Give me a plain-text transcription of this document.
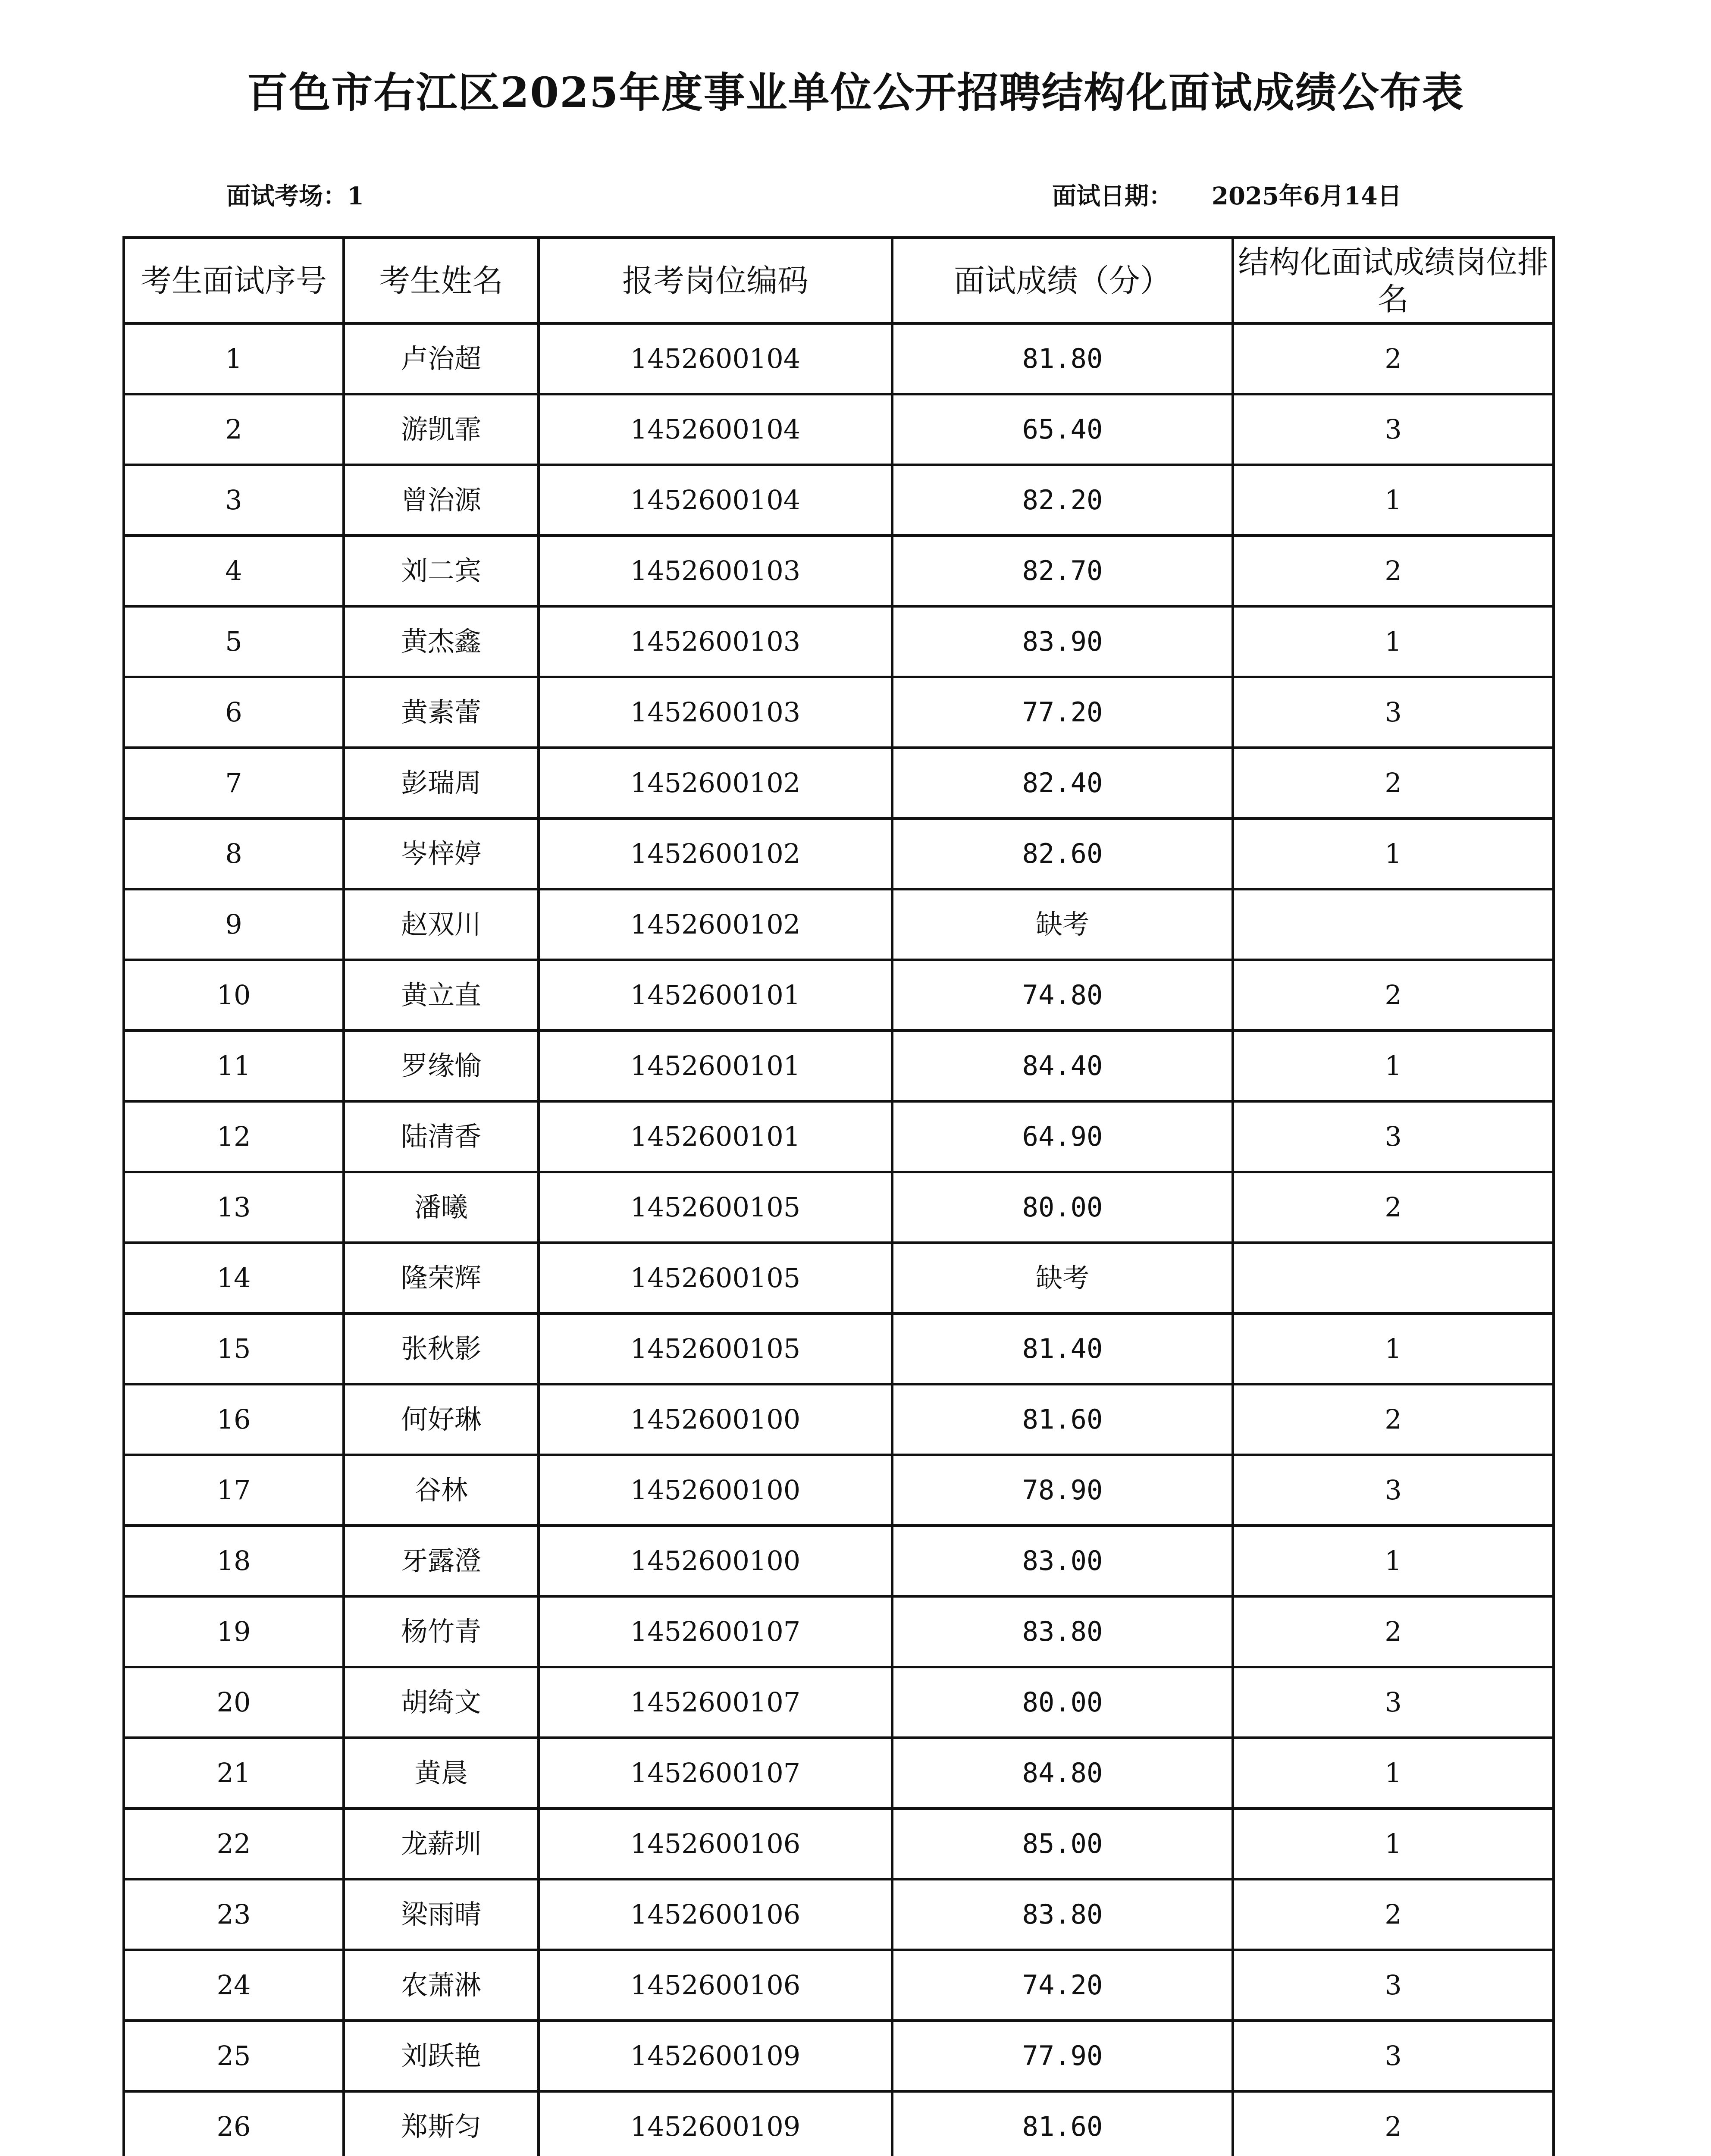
百色市右江区2025年度事业单位公开招聘结构化面试成绩公布表
面试考场：1	面试日期： 2025年6月14日
考生面试序号	考生姓名	报考岗位编码	面试成绩（分）	结构化面试成绩岗位排名
1	卢治超	1452600104	81.80	2
2	游凯霏	1452600104	65.40	3
3	曾治源	1452600104	82.20	1
4	刘二宾	1452600103	82.70	2
5	黄杰鑫	1452600103	83.90	1
6	黄素蕾	1452600103	77.20	3
7	彭瑞周	1452600102	82.40	2
8	岑梓婷	1452600102	82.60	1
9	赵双川	1452600102	缺考	
10	黄立直	1452600101	74.80	2
11	罗缘愉	1452600101	84.40	1
12	陆清香	1452600101	64.90	3
13	潘曦	1452600105	80.00	2
14	隆荣辉	1452600105	缺考	
15	张秋影	1452600105	81.40	1
16	何好琳	1452600100	81.60	2
17	谷林	1452600100	78.90	3
18	牙露澄	1452600100	83.00	1
19	杨竹青	1452600107	83.80	2
20	胡绮文	1452600107	80.00	3
21	黄晨	1452600107	84.80	1
22	龙薪圳	1452600106	85.00	1
23	梁雨晴	1452600106	83.80	2
24	农萧淋	1452600106	74.20	3
25	刘跃艳	1452600109	77.90	3
26	郑斯匀	1452600109	81.60	2
